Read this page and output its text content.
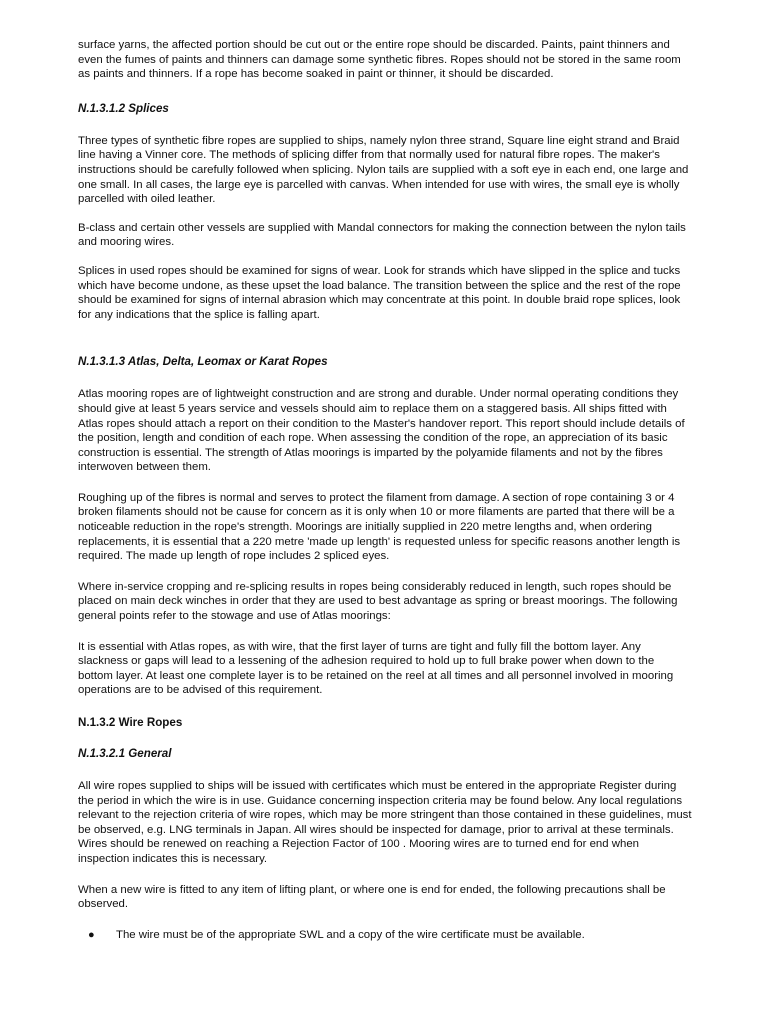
surface yarns, the affected portion should be cut out or the entire rope should be discarded. Paints, paint thinners and even the fumes of paints and thinners can damage some synthetic fibres. Ropes should not be stored in the same room as paints and thinners. If a rope has become soaked in paint or thinner, it should be discarded.

N.1.3.1.2 Splices

Three types of synthetic fibre ropes are supplied to ships, namely nylon three strand, Square line eight strand and Braid line having a Vinner core. The methods of splicing differ from that normally used for natural fibre ropes. The maker's instructions should be carefully followed when splicing. Nylon tails are supplied with a soft eye in each end, one large and one small. In all cases, the large eye is parcelled with canvas. When intended for use with wires, the small eye is wholly parcelled with oiled leather.

B-class and certain other vessels are supplied with Mandal connectors for making the connection between the nylon tails and mooring wires.

Splices in used ropes should be examined for signs of wear. Look for strands which have slipped in the splice and tucks which have become undone, as these upset the load balance. The transition between the splice and the rest of the rope should be examined for signs of internal abrasion which may concentrate at this point. In double braid rope splices, look for any indications that the splice is falling apart.

N.1.3.1.3 Atlas, Delta, Leomax or Karat Ropes

Atlas mooring ropes are of lightweight construction and are strong and durable. Under normal operating conditions they should give at least 5 years service and vessels should aim to replace them on a staggered basis. All ships fitted with Atlas ropes should attach a report on their condition to the Master's handover report. This report should include details of the position, length and condition of each rope. When assessing the condition of the rope, an appreciation of its basic construction is essential. The strength of Atlas moorings is imparted by the polyamide filaments and not by the fibres interwoven between them.

Roughing up of the fibres is normal and serves to protect the filament from damage. A section of rope containing 3 or 4 broken filaments should not be cause for concern as it is only when 10 or more filaments are parted that there will be a noticeable reduction in the rope's strength. Moorings are initially supplied in 220 metre lengths and, when ordering replacements, it is essential that a 220 metre 'made up length' is requested unless for specific reasons another length is required. The made up length of rope includes 2 spliced eyes.

Where in-service cropping and re-splicing results in ropes being considerably reduced in length, such ropes should be placed on main deck winches in order that they are used to best advantage as spring or breast moorings. The following general points refer to the stowage and use of Atlas moorings:

It is essential with Atlas ropes, as with wire, that the first layer of turns are tight and fully fill the bottom layer. Any slackness or gaps will lead to a lessening of the adhesion required to hold up to full brake power when down to the bottom layer. At least one complete layer is to be retained on the reel at all times and all personnel involved in mooring operations are to be advised of this requirement.

N.1.3.2 Wire Ropes
N.1.3.2.1 General

All wire ropes supplied to ships will be issued with certificates which must be entered in the appropriate Register during the period in which the wire is in use. Guidance concerning inspection criteria may be found below. Any local regulations relevant to the rejection criteria of wire ropes, which may be more stringent than those contained in these guidelines, must be observed, e.g. LNG terminals in Japan. All wires should be inspected for damage, prior to arrival at these terminals. Wires should be renewed on reaching a Rejection Factor of 100 . Mooring wires are to turned end for end when inspection indicates this is necessary.

When a new wire is fitted to any item of lifting plant, or where one is end for ended, the following precautions shall be observed.

● The wire must be of the appropriate SWL and a copy of the wire certificate must be available.
